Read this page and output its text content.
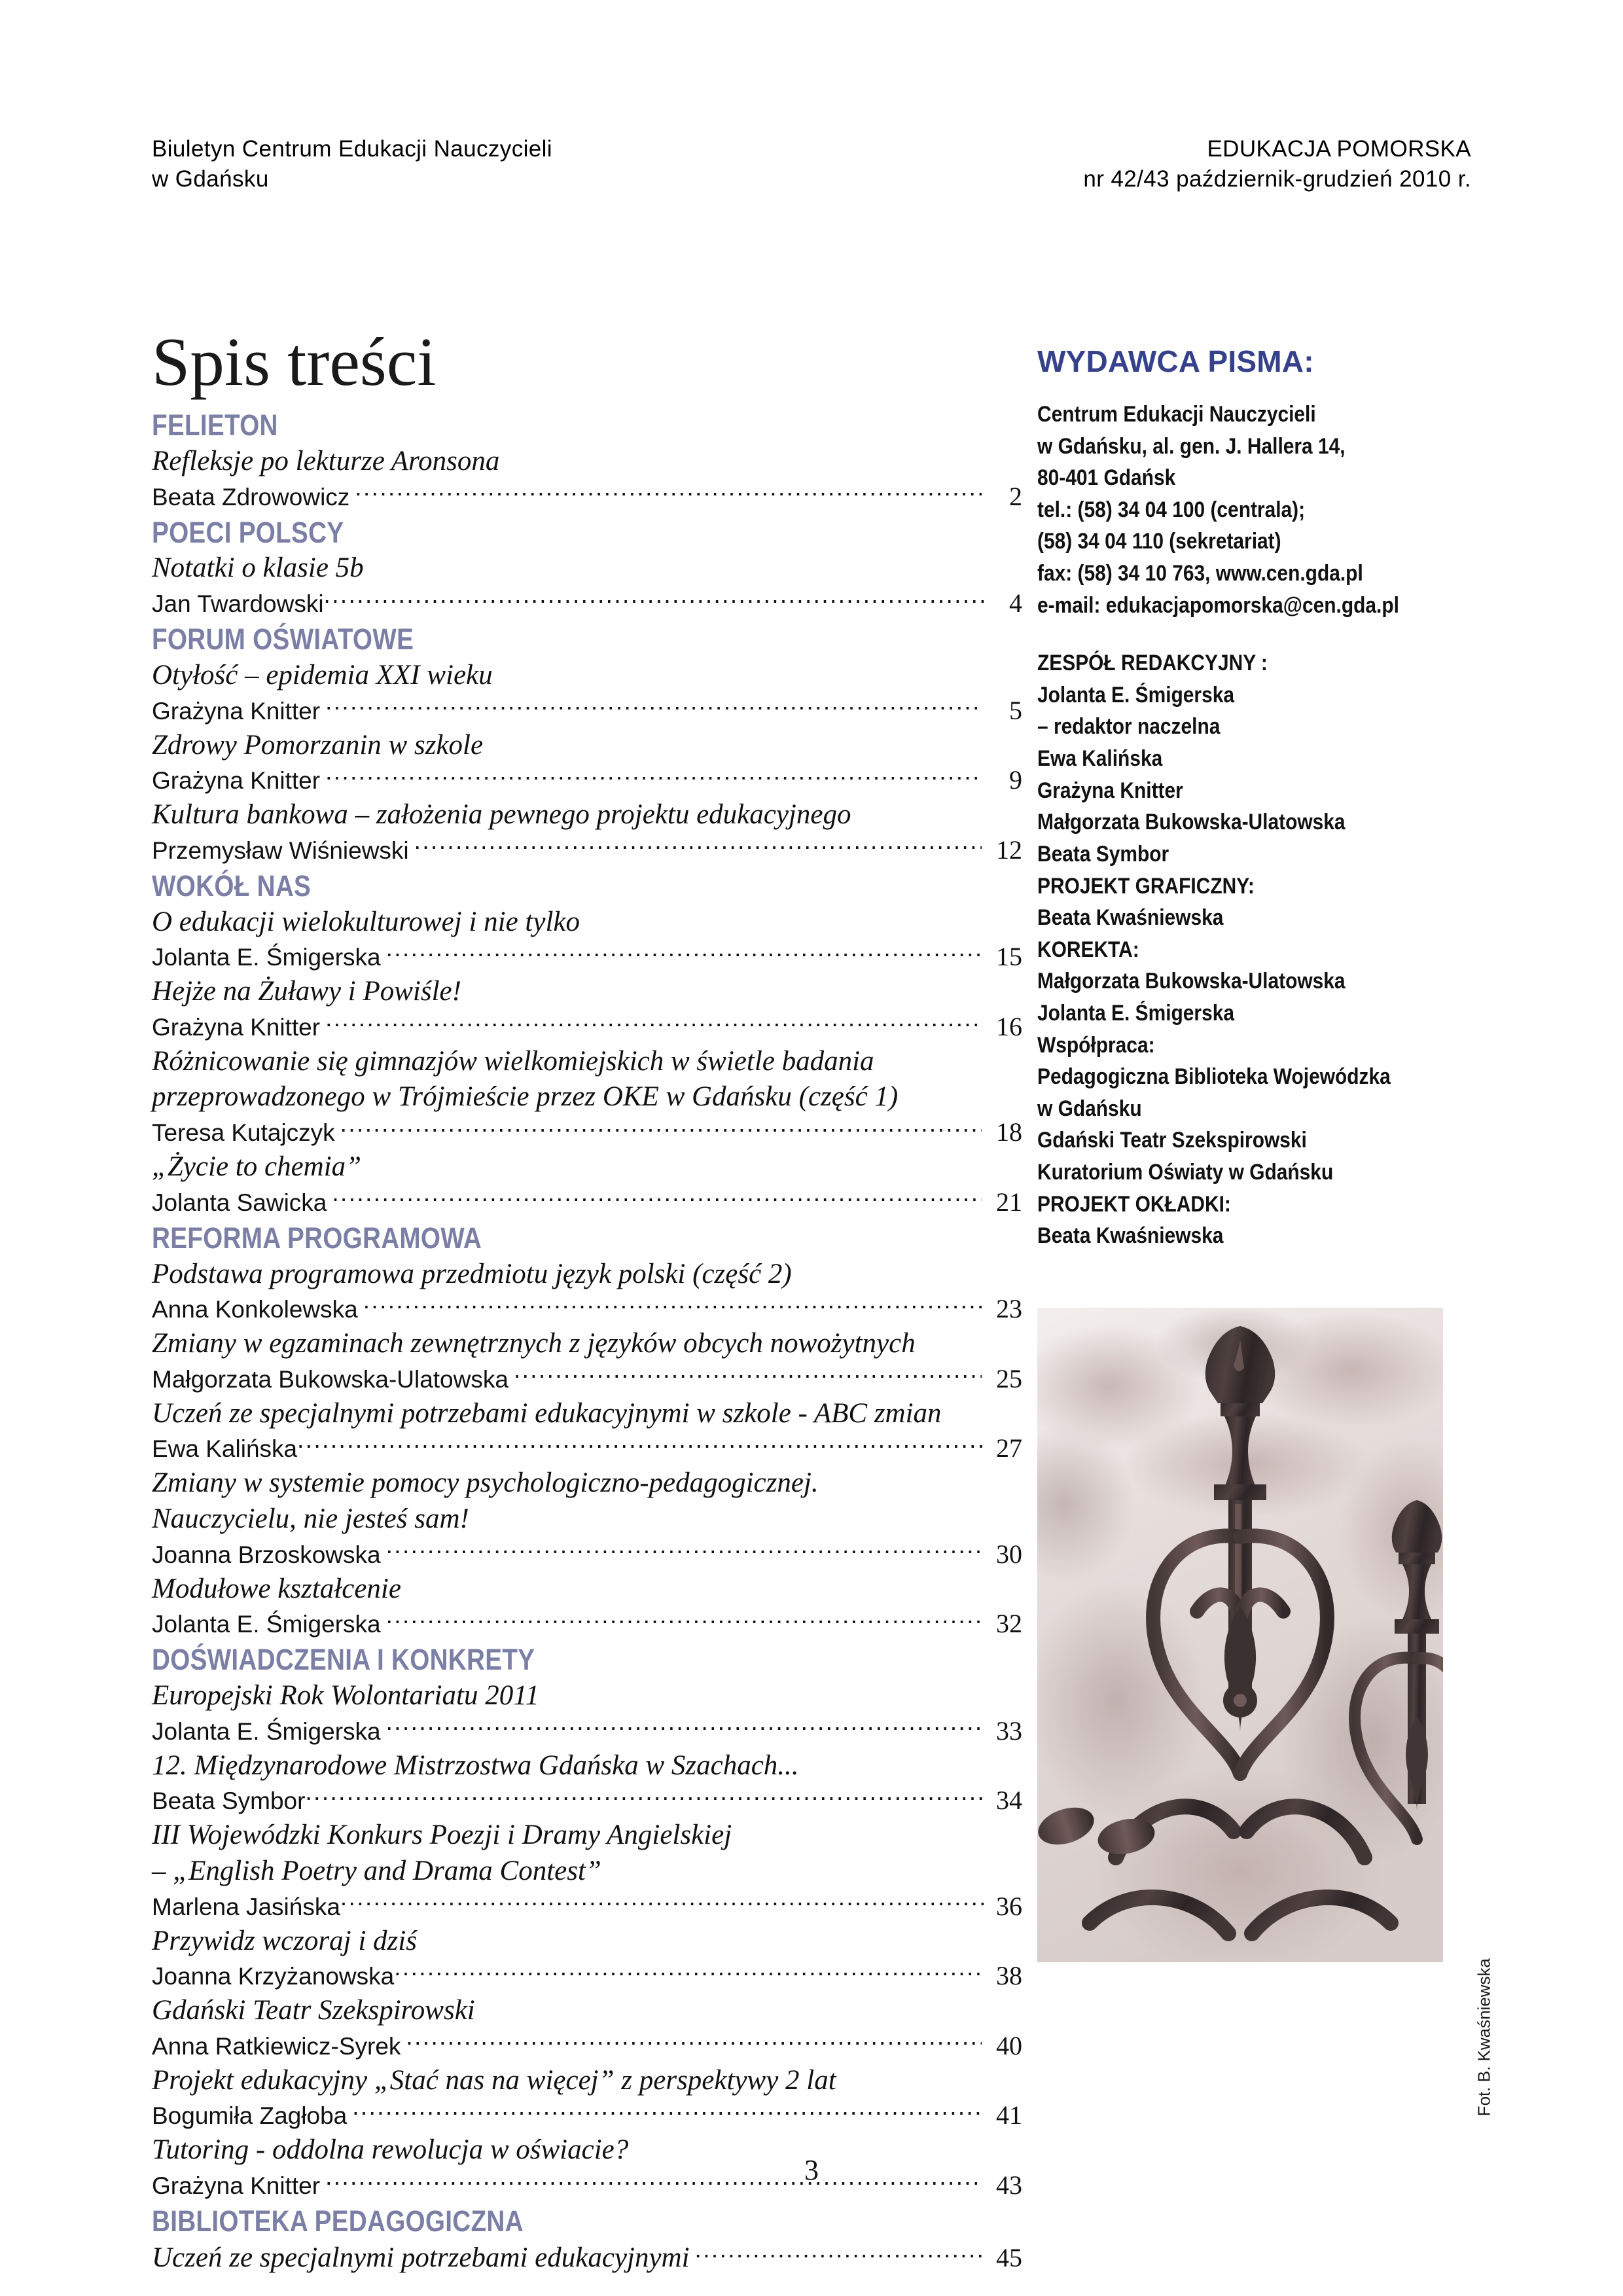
Biuletyn Centrum Edukacji Nauczycieli
w Gdańsku
EDUKACJA POMORSKA
nr 42/43 październik-grudzień 2010 r.
Spis treści
FELIETON
Refleksje po lekturze Aronsona
Beata Zdrowowicz .....	2
POECI POLSCY
Notatki o klasie 5b
Jan Twardowski .....	4
FORUM OŚWIATOWE
Otyłość – epidemia XXI wieku
Grażyna Knitter .....	5
Zdrowy Pomorzanin w szkole
Grażyna Knitter .....	9
Kultura bankowa – założenia pewnego projektu edukacyjnego
Przemysław Wiśniewski .....	12
WOKÓŁ NAS
O edukacji wielokulturowej i nie tylko
Jolanta E. Śmigerska .....	15
Hejże na Żuławy i Powiśle!
Grażyna Knitter .....	16
Różnicowanie się gimnazjów wielkomiejskich w świetle badania
przeprowadzonego w Trójmieście przez OKE w Gdańsku (część 1)
Teresa Kutajczyk .....	18
„Życie to chemia”
Jolanta Sawicka .....	21
REFORMA PROGRAMOWA
Podstawa programowa przedmiotu język polski (część 2)
Anna Konkolewska .....	23
Zmiany w egzaminach zewnętrznych z języków obcych nowożytnych
Małgorzata Bukowska-Ulatowska .....	25
Uczeń ze specjalnymi potrzebami edukacyjnymi w szkole - ABC zmian
Ewa Kalińska .....	27
Zmiany w systemie pomocy psychologiczno-pedagogicznej.
Nauczycielu, nie jesteś sam!
Joanna Brzoskowska .....	30
Modułowe kształcenie
Jolanta E. Śmigerska .....	32
DOŚWIADCZENIA I KONKRETY
Europejski Rok Wolontariatu 2011
Jolanta E. Śmigerska .....	33
12. Międzynarodowe Mistrzostwa Gdańska w Szachach...
Beata Symbor .....	34
III Wojewódzki Konkurs Poezji i Dramy Angielskiej
– „English Poetry and Drama Contest”
Marlena Jasińska .....	36
Przywidz wczoraj i dziś
Joanna Krzyżanowska .....	38
Gdański Teatr Szekspirowski
Anna Ratkiewicz-Syrek .....	40
Projekt edukacyjny „Stać nas na więcej” z perspektywy 2 lat
Bogumiła Zagłoba .....	41
Tutoring - oddolna rewolucja w oświacie?
Grażyna Knitter .....	43
BIBLIOTEKA PEDAGOGICZNA
Uczeń ze specjalnymi potrzebami edukacyjnymi .....	45
WYDAWCA PISMA:
Centrum Edukacji Nauczycieli
w Gdańsku, al. gen. J. Hallera 14,
80-401 Gdańsk
tel.: (58) 34 04 100 (centrala);
(58) 34 04 110 (sekretariat)
fax: (58) 34 10 763, www.cen.gda.pl
e-mail: edukacjapomorska@cen.gda.pl
ZESPÓŁ REDAKCYJNY :
Jolanta E. Śmigerska
– redaktor naczelna
Ewa Kalińska
Grażyna Knitter
Małgorzata Bukowska-Ulatowska
Beata Symbor
PROJEKT GRAFICZNY:
Beata Kwaśniewska
KOREKTA:
Małgorzata Bukowska-Ulatowska
Jolanta E. Śmigerska
Współpraca:
Pedagogiczna Biblioteka Wojewódzka
w Gdańsku
Gdański Teatr Szekspirowski
Kuratorium Oświaty w Gdańsku
PROJEKT OKŁADKI:
Beata Kwaśniewska
Fot. B. Kwaśniewska
3
